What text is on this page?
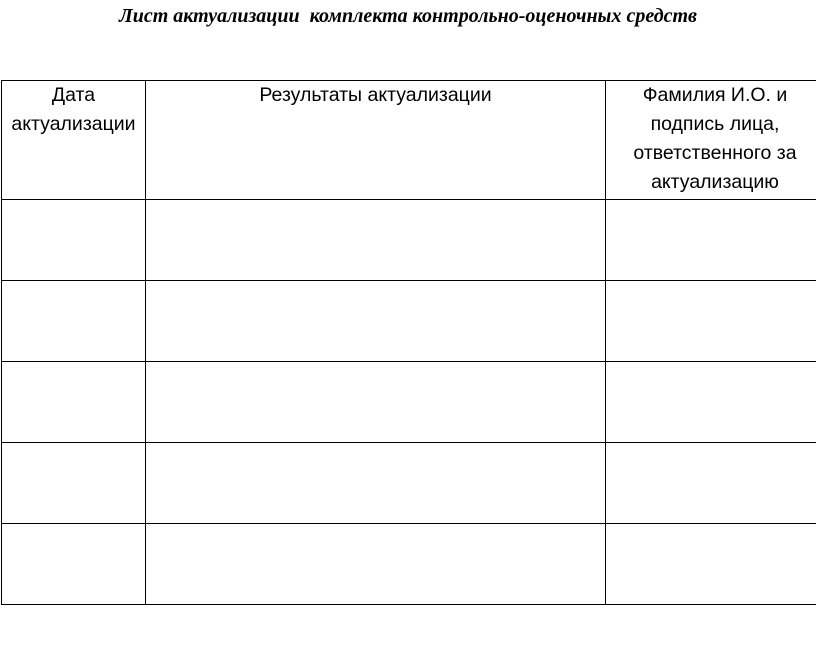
Лист актуализации  комплекта контрольно-оценочных средств
Дата актуализации	Результаты актуализации	Фамилия И.О. и подпись лица, ответственного за актуализацию
